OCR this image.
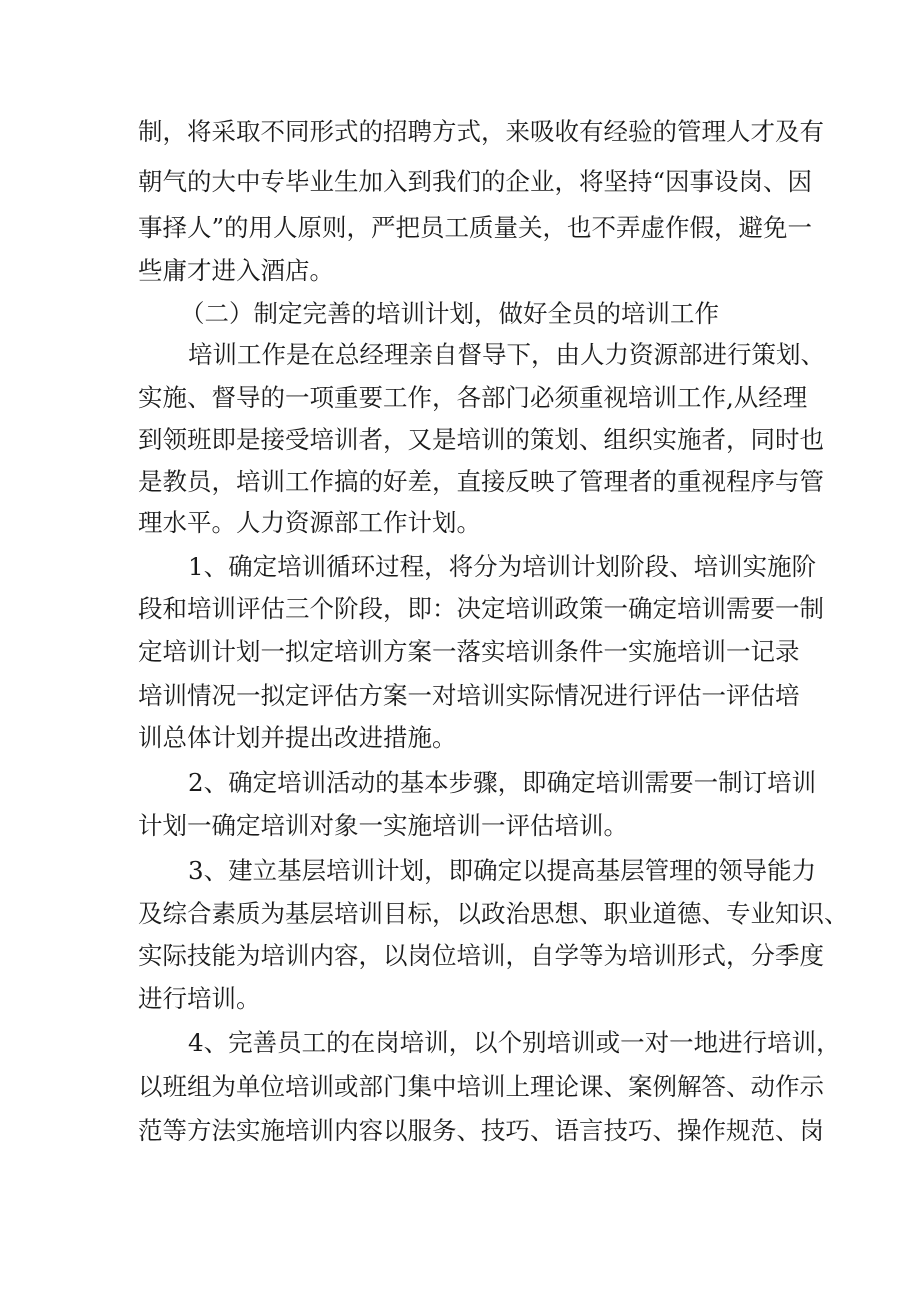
制，将采取不同形式的招聘方式，来吸收有经验的管理人才及有

朝气的大中专毕业生加入到我们的企业，将坚持“因事设岗、因

事择人”的用人原则，严把员工质量关，也不弄虚作假，避免一

些庸才进入酒店。

（二）制定完善的培训计划，做好全员的培训工作

培训工作是在总经理亲自督导下，由人力资源部进行策划、

实施、督导的一项重要工作，各部门必须重视培训工作,从经理

到领班即是接受培训者，又是培训的策划、组织实施者，同时也

是教员，培训工作搞的好差，直接反映了管理者的重视程序与管

理水平。人力资源部工作计划。

1、确定培训循环过程，将分为培训计划阶段、培训实施阶

段和培训评估三个阶段，即：决定培训政策一确定培训需要一制

定培训计划一拟定培训方案一落实培训条件一实施培训一记录

培训情况一拟定评估方案一对培训实际情况进行评估一评估培

训总体计划并提出改进措施。

2、确定培训活动的基本步骤，即确定培训需要一制订培训

计划一确定培训对象一实施培训一评估培训。

3、建立基层培训计划，即确定以提高基层管理的领导能力

及综合素质为基层培训目标，以政治思想、职业道德、专业知识、

实际技能为培训内容，以岗位培训，自学等为培训形式，分季度

进行培训。

4、完善员工的在岗培训，以个别培训或一对一地进行培训，

以班组为单位培训或部门集中培训上理论课、案例解答、动作示

范等方法实施培训内容以服务、技巧、语言技巧、操作规范、岗
